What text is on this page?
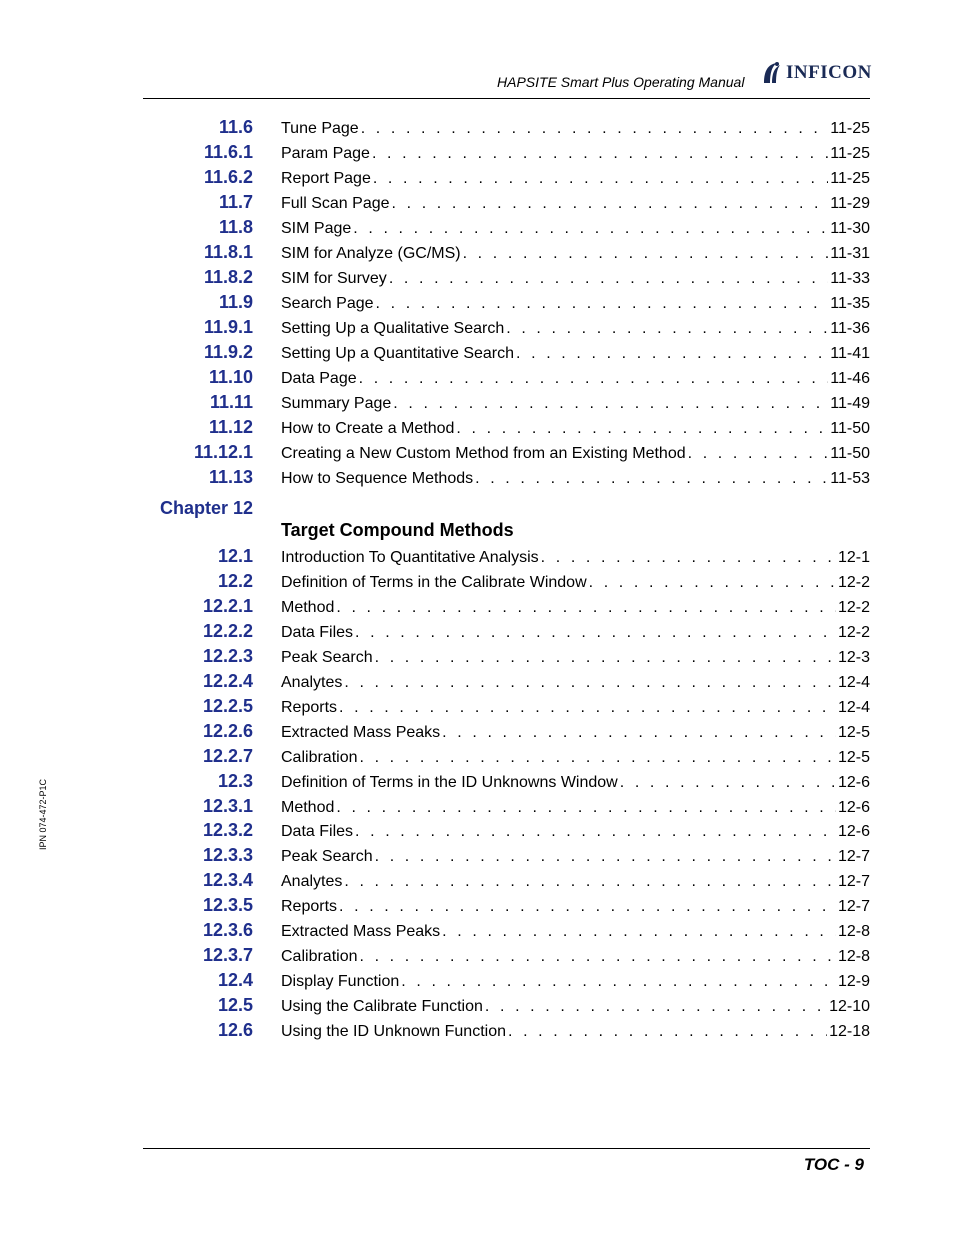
HAPSITE Smart Plus Operating Manual INFICON
IPN 074-472-P1C
11.6 Tune Page . . .	11-25
11.6.1 Param Page . . .	11-25
11.6.2 Report Page . . .	11-25
11.7 Full Scan Page . . .	11-29
11.8 SIM Page . . .	11-30
11.8.1 SIM for Analyze (GC/MS) . . .	11-31
11.8.2 SIM for Survey . . .	11-33
11.9 Search Page . . .	11-35
11.9.1 Setting Up a Qualitative Search . . .	11-36
11.9.2 Setting Up a Quantitative Search . . .	11-41
11.10 Data Page . . .	11-46
11.11 Summary Page . . .	11-49
11.12 How to Create a Method . . .	11-50
11.12.1 Creating a New Custom Method from an Existing Method . . .	11-50
11.13 How to Sequence Methods . . .	11-53
12.1 Introduction To Quantitative Analysis . . .	12-1
12.2 Definition of Terms in the Calibrate Window . . .	12-2
12.2.1 Method . . .	12-2
12.2.2 Data Files . . .	12-2
12.2.3 Peak Search . . .	12-3
12.2.4 Analytes . . .	12-4
12.2.5 Reports . . .	12-4
12.2.6 Extracted Mass Peaks . . .	12-5
12.2.7 Calibration . . .	12-5
12.3 Definition of Terms in the ID Unknowns Window . . .	12-6
12.3.1 Method . . .	12-6
12.3.2 Data Files . . .	12-6
12.3.3 Peak Search . . .	12-7
12.3.4 Analytes . . .	12-7
12.3.5 Reports . . .	12-7
12.3.6 Extracted Mass Peaks . . .	12-8
12.3.7 Calibration . . .	12-8
12.4 Display Function . . .	12-9
12.5 Using the Calibrate Function . . .	12-10
12.6 Using the ID Unknown Function . . .	12-18
Chapter 12
Target Compound Methods
TOC - 9
